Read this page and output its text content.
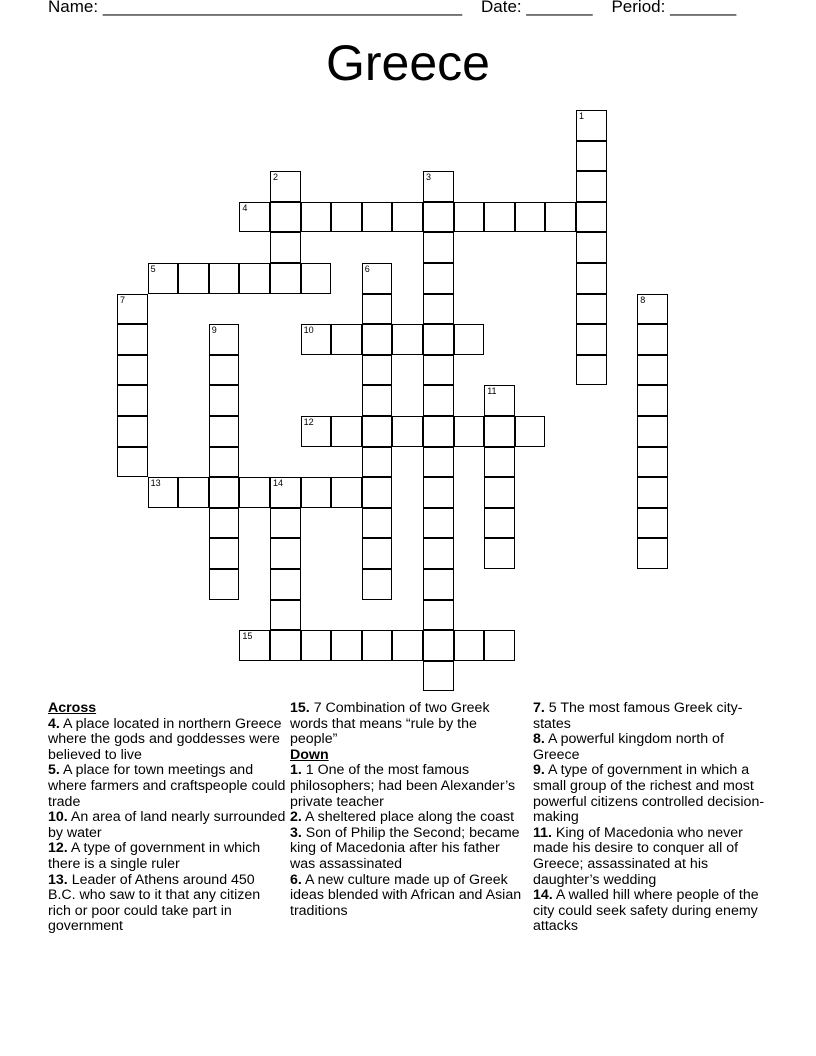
Name: ______________________________________ Date: _______ Period: _______
Greece
1
2	3
4
5	6
7	8
9	10
11
12
13	14
15
Across
4. A place located in northern Greece where the gods and goddesses were believed to live
5. A place for town meetings and where farmers and craftspeople could trade
10. An area of land nearly surrounded by water
12. A type of government in which there is a single ruler
13. Leader of Athens around 450 B.C. who saw to it that any citizen rich or poor could take part in government
15. 7 Combination of two Greek words that means “rule by the people”
Down
1. 1 One of the most famous philosophers; had been Alexander’s private teacher
2. A sheltered place along the coast
3. Son of Philip the Second; became king of Macedonia after his father was assassinated
6. A new culture made up of Greek ideas blended with African and Asian traditions
7. 5 The most famous Greek city-states
8. A powerful kingdom north of Greece
9. A type of government in which a small group of the richest and most powerful citizens controlled decision-making
11. King of Macedonia who never made his desire to conquer all of Greece; assassinated at his daughter’s wedding
14. A walled hill where people of the city could seek safety during enemy attacks
